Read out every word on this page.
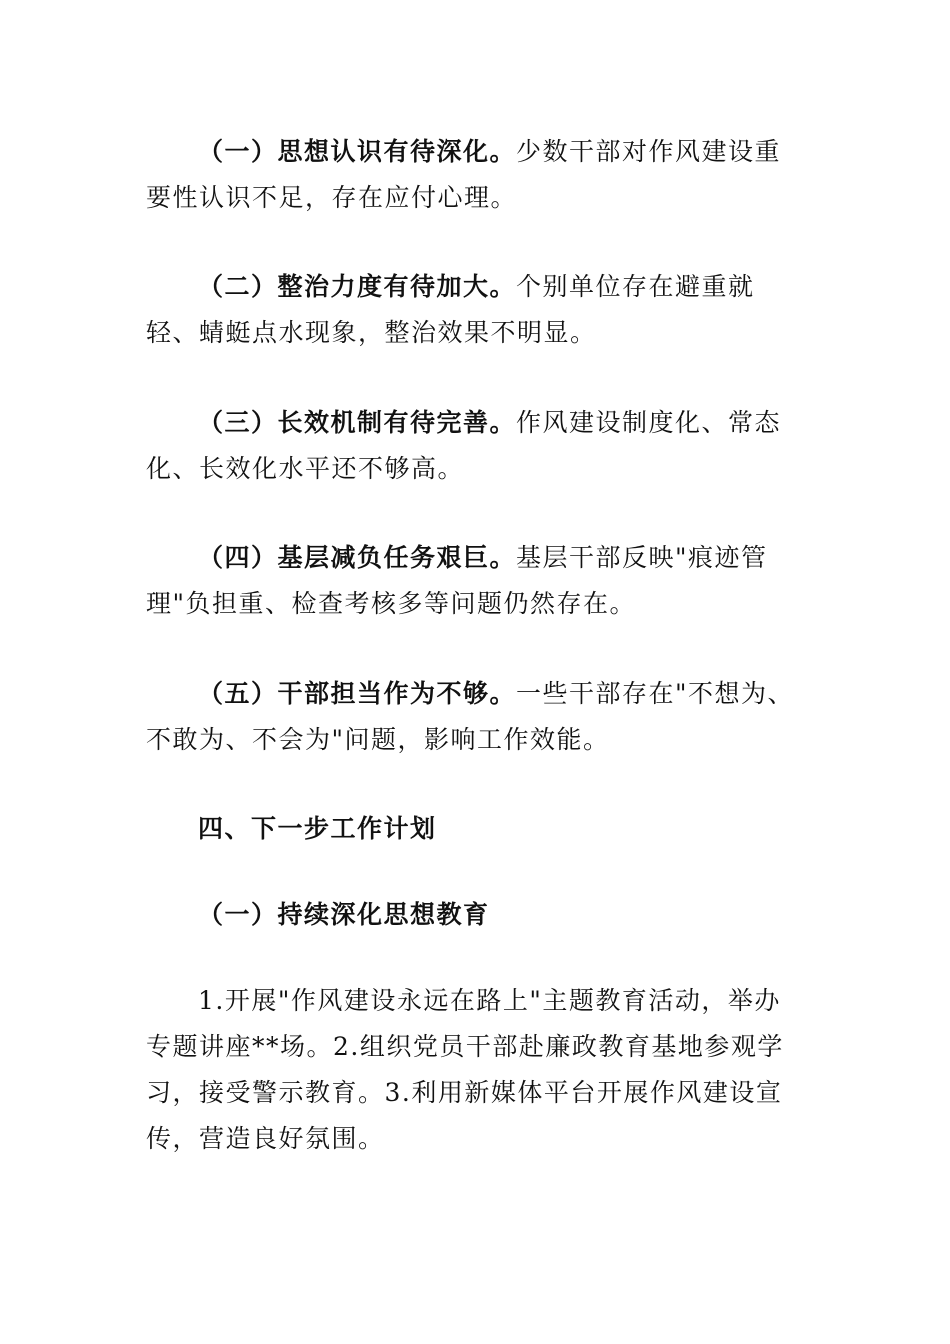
（一）思想认识有待深化。少数干部对作风建设重要性认识不足，存在应付心理。

（二）整治力度有待加大。个别单位存在避重就轻、蜻蜓点水现象，整治效果不明显。

（三）长效机制有待完善。作风建设制度化、常态化、长效化水平还不够高。

（四）基层减负任务艰巨。基层干部反映"痕迹管理"负担重、检查考核多等问题仍然存在。

（五）干部担当作为不够。一些干部存在"不想为、不敢为、不会为"问题，影响工作效能。

四、下一步工作计划

（一）持续深化思想教育

1.开展"作风建设永远在路上"主题教育活动，举办专题讲座**场。2.组织党员干部赴廉政教育基地参观学习，接受警示教育。3.利用新媒体平台开展作风建设宣传，营造良好氛围。
